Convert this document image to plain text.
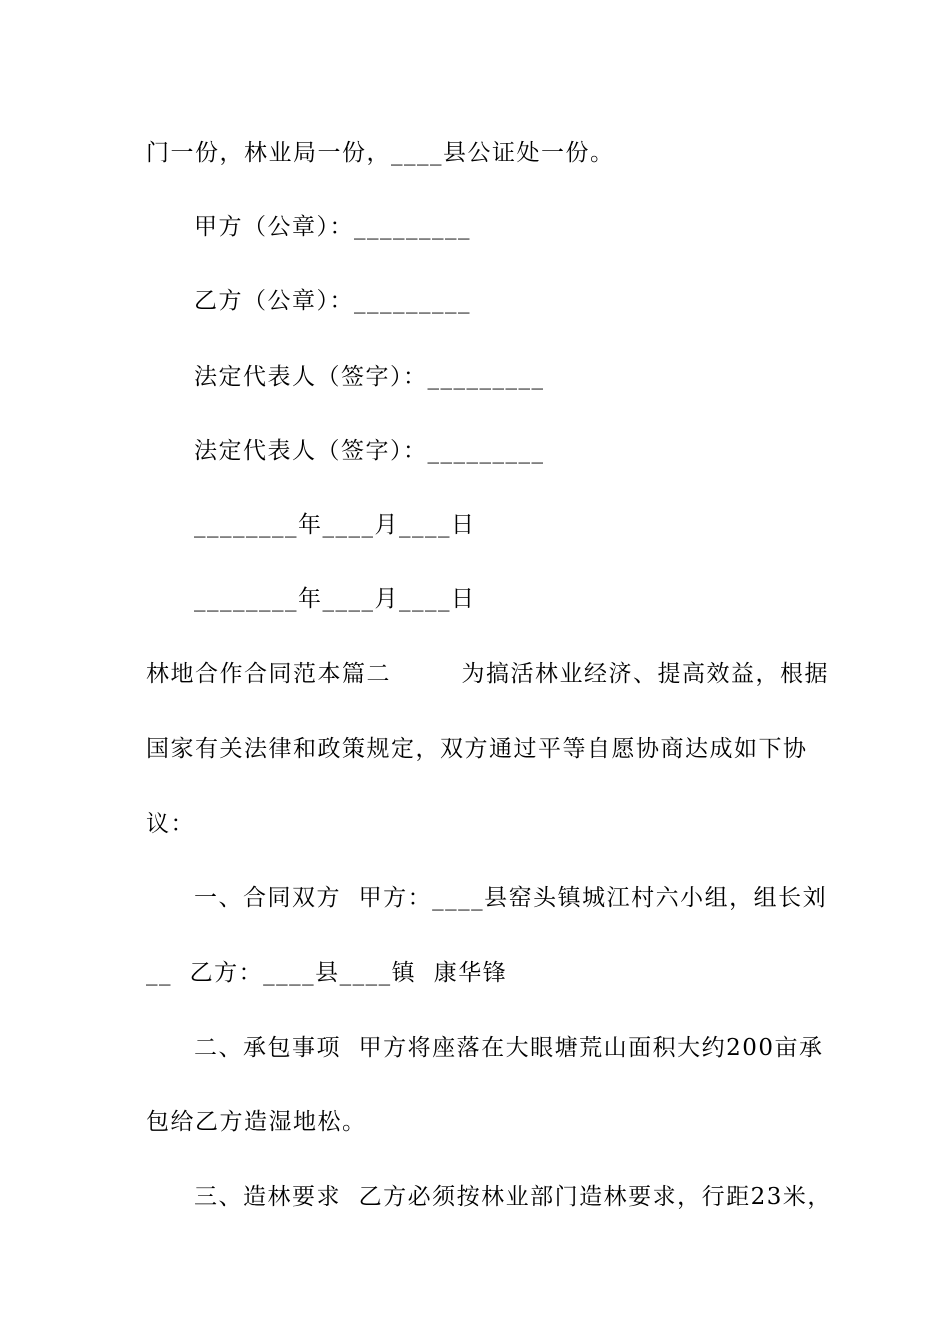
门一份，林业局一份，____县公证处一份。
甲方（公章）：_________
乙方（公章）：_________
法定代表人（签字）：_________
法定代表人（签字）：_________
________年____月____日
________年____月____日
林地合作合同范本篇二        为搞活林业经济、提高效益，根据
国家有关法律和政策规定，双方通过平等自愿协商达成如下协
议：
一、合同双方  甲方：____县窑头镇城江村六小组，组长刘
__  乙方：____县____镇  康华锋
二、承包事项  甲方将座落在大眼塘荒山面积大约200亩承
包给乙方造湿地松。
三、造林要求  乙方必须按林业部门造林要求，行距23米，
